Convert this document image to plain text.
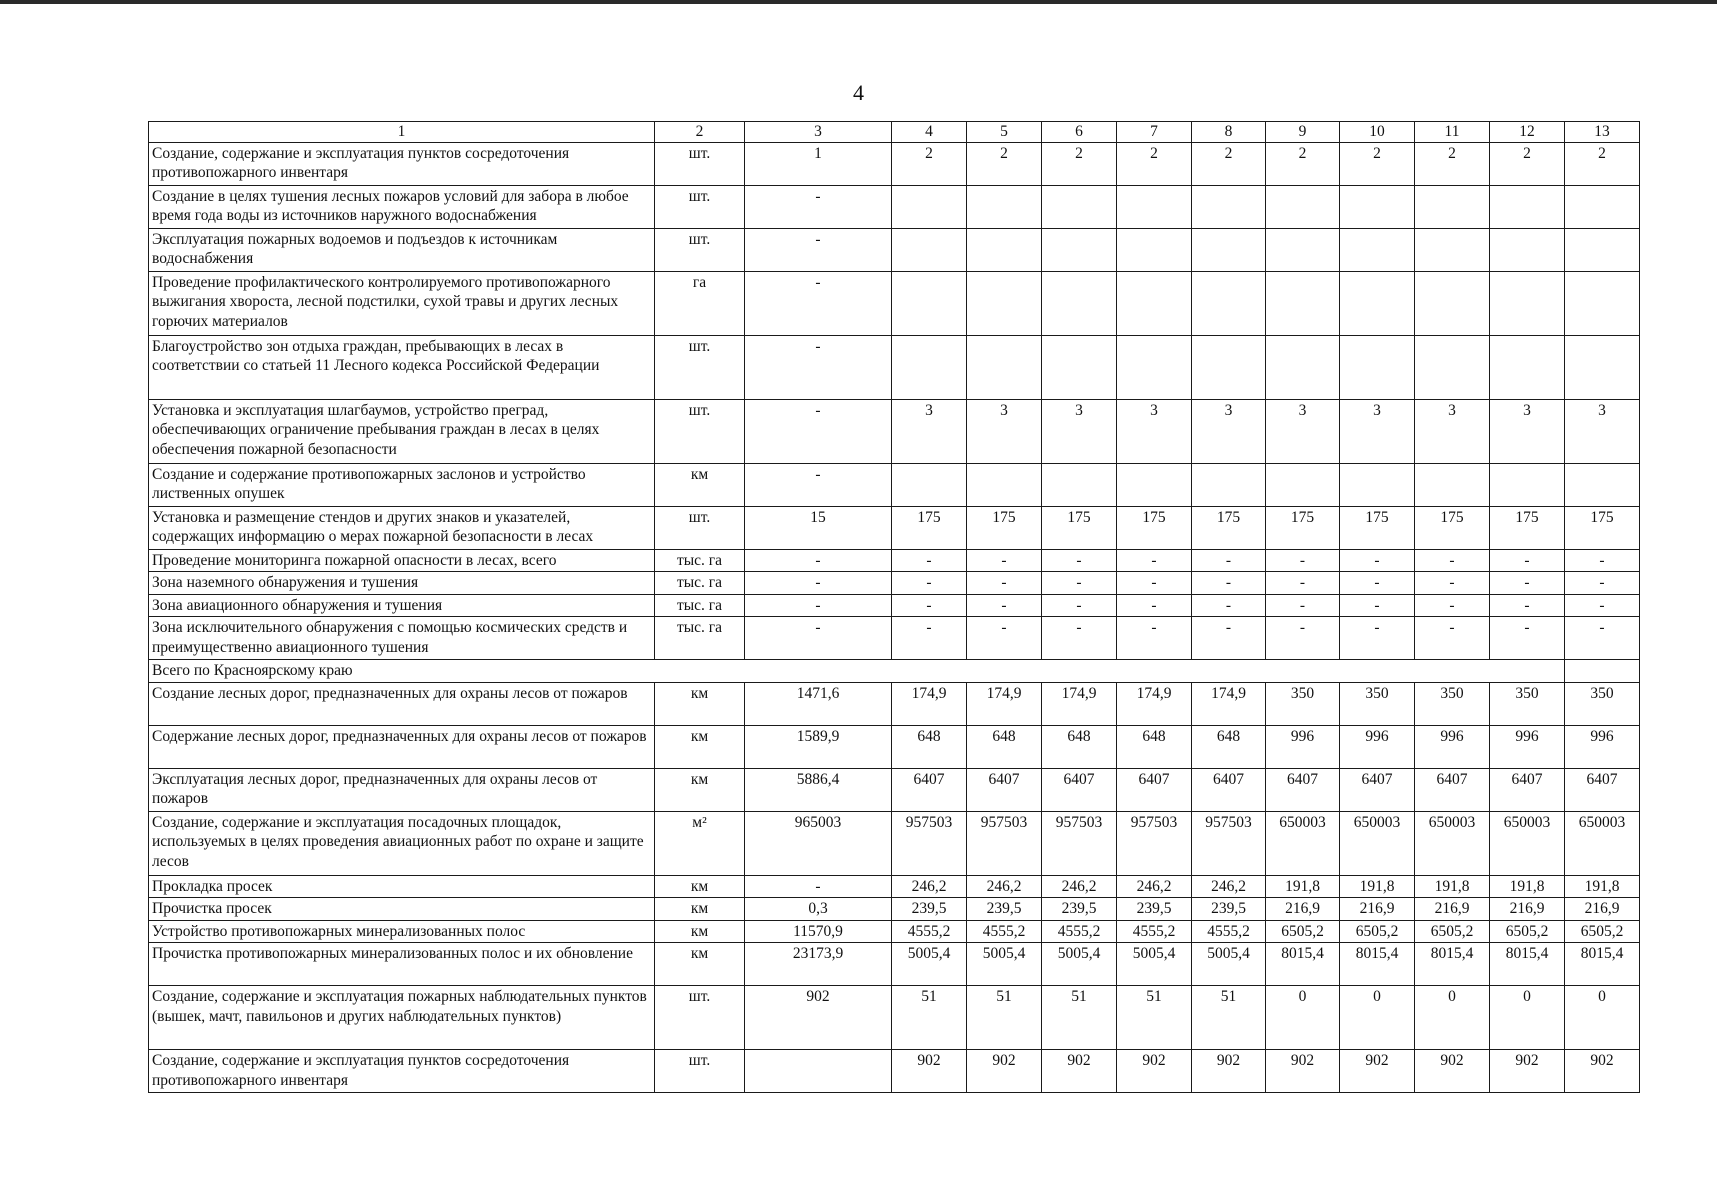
4
1	2	3	4	5	6	7	8	9	10	11	12	13
Создание, содержание и эксплуатация пунктов сосредоточения противопожарного инвентаря	шт.	1	2	2	2	2	2	2	2	2	2	2
Создание в целях тушения лесных пожаров условий для забора в любое время года воды из источников наружного водоснабжения	шт.	-										
Эксплуатация пожарных водоемов и подъездов к источникам водоснабжения	шт.	-										
Проведение профилактического контролируемого противопожарного выжигания хвороста, лесной подстилки, сухой травы и других лесных горючих материалов	га	-										
Благоустройство зон отдыха граждан, пребывающих в лесах в соответствии со статьей 11 Лесного кодекса Российской Федерации	шт.	-										
Установка и эксплуатация шлагбаумов, устройство преград, обеспечивающих ограничение пребывания граждан в лесах в целях обеспечения пожарной безопасности	шт.	-	3	3	3	3	3	3	3	3	3	3
Создание и содержание противопожарных заслонов и устройство лиственных опушек	км	-										
Установка и размещение стендов и других знаков и указателей, содержащих информацию о мерах пожарной безопасности в лесах	шт.	15	175	175	175	175	175	175	175	175	175	175
Проведение мониторинга пожарной опасности в лесах, всего	тыс. га	-	-	-	-	-	-	-	-	-	-	-
Зона наземного обнаружения и тушения	тыс. га	-	-	-	-	-	-	-	-	-	-	-
Зона авиационного обнаружения и тушения	тыс. га	-	-	-	-	-	-	-	-	-	-	-
Зона исключительного обнаружения с помощью космических средств и преимущественно авиационного тушения	тыс. га	-	-	-	-	-	-	-	-	-	-	-
Всего по Красноярскому краю												
Создание лесных дорог, предназначенных для охраны лесов от пожаров	км	1471,6	174,9	174,9	174,9	174,9	174,9	350	350	350	350	350
Содержание лесных дорог, предназначенных для охраны лесов от пожаров	км	1589,9	648	648	648	648	648	996	996	996	996	996
Эксплуатация лесных дорог, предназначенных для охраны лесов от пожаров	км	5886,4	6407	6407	6407	6407	6407	6407	6407	6407	6407	6407
Создание, содержание и эксплуатация посадочных площадок, используемых в целях проведения авиационных работ по охране и защите лесов	м²	965003	957503	957503	957503	957503	957503	650003	650003	650003	650003	650003
Прокладка просек	км	-	246,2	246,2	246,2	246,2	246,2	191,8	191,8	191,8	191,8	191,8
Прочистка просек	км	0,3	239,5	239,5	239,5	239,5	239,5	216,9	216,9	216,9	216,9	216,9
Устройство противопожарных минерализованных полос	км	11570,9	4555,2	4555,2	4555,2	4555,2	4555,2	6505,2	6505,2	6505,2	6505,2	6505,2
Прочистка противопожарных минерализованных полос и их обновление	км	23173,9	5005,4	5005,4	5005,4	5005,4	5005,4	8015,4	8015,4	8015,4	8015,4	8015,4
Создание, содержание и эксплуатация пожарных наблюдательных пунктов (вышек, мачт, павильонов и других наблюдательных пунктов)	шт.	902	51	51	51	51	51	0	0	0	0	0
Создание, содержание и эксплуатация пунктов сосредоточения противопожарного инвентаря	шт.		902	902	902	902	902	902	902	902	902	902
